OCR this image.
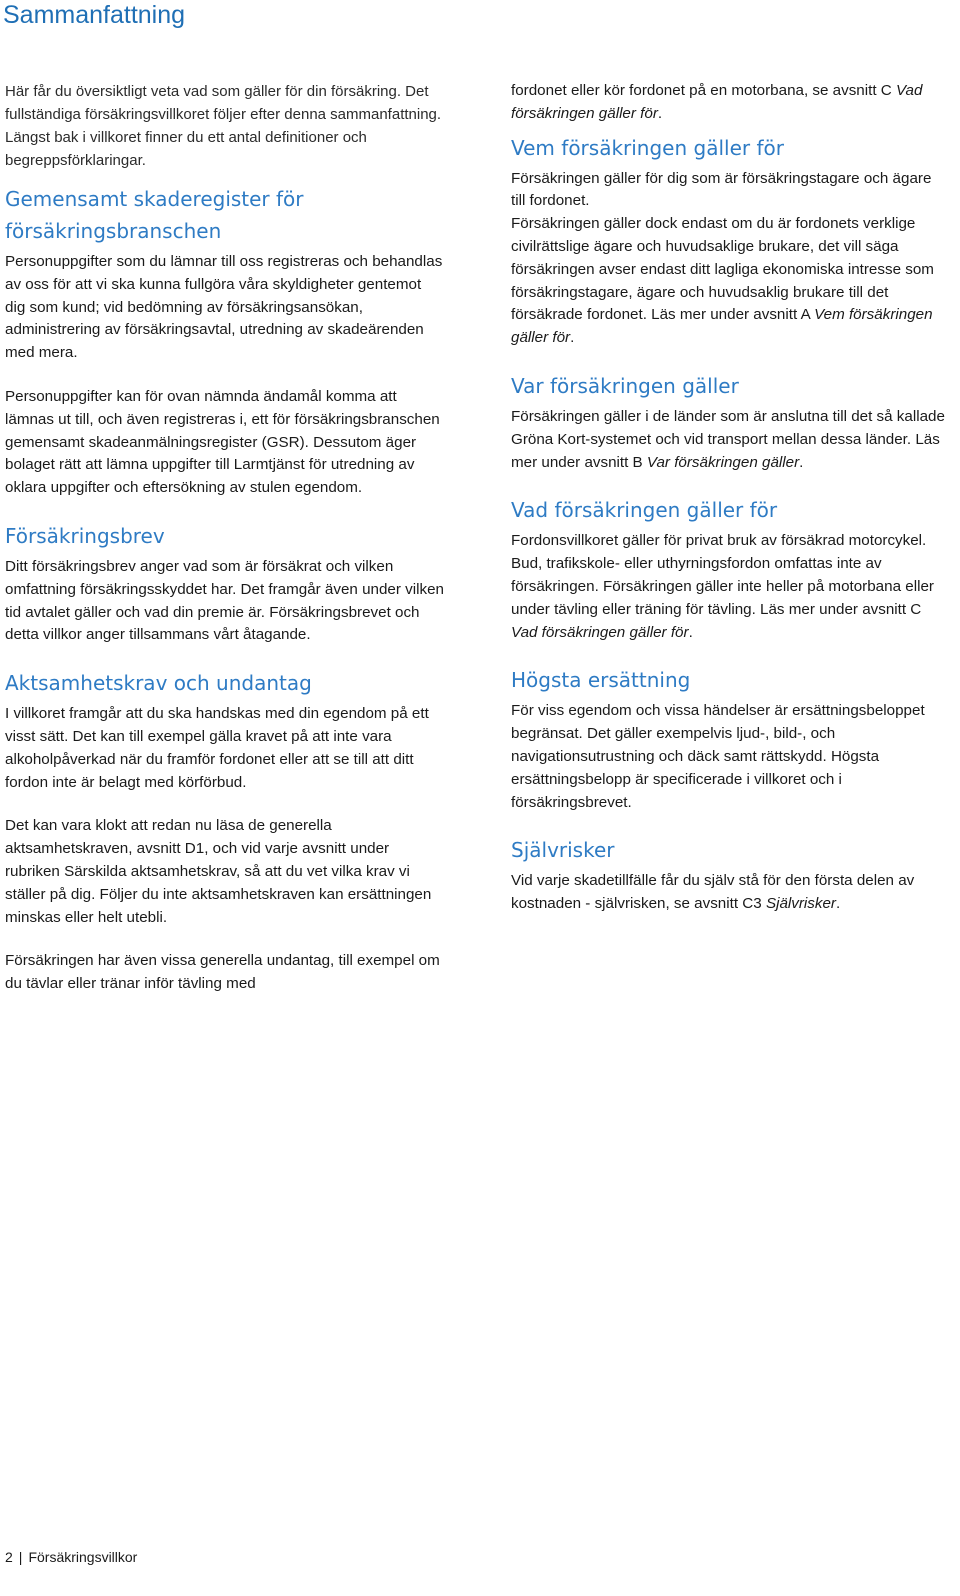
Sammanfattning

Här får du översiktligt veta vad som gäller för din försäkring. Det fullständiga försäkringsvillkoret följer efter denna sammanfattning. Längst bak i villkoret finner du ett antal definitioner och begreppsförklaringar.

Gemensamt skaderegister för försäkringsbranschen

Personuppgifter som du lämnar till oss registreras och behandlas av oss för att vi ska kunna fullgöra våra skyldigheter gentemot dig som kund; vid bedömning av försäkringsansökan, administrering av försäkringsavtal, utredning av skadeärenden med mera.

Personuppgifter kan för ovan nämnda ändamål komma att lämnas ut till, och även registreras i, ett för försäkringsbranschen gemensamt skadeanmälningsregister (GSR). Dessutom äger bolaget rätt att lämna uppgifter till Larmtjänst för utredning av oklara uppgifter och eftersökning av stulen egendom.

Försäkringsbrev

Ditt försäkringsbrev anger vad som är försäkrat och vilken omfattning försäkringsskyddet har. Det framgår även under vilken tid avtalet gäller och vad din premie är. Försäkringsbrevet och detta villkor anger tillsammans vårt åtagande.

Aktsamhetskrav och undantag

I villkoret framgår att du ska handskas med din egendom på ett visst sätt. Det kan till exempel gälla kravet på att inte vara alkoholpåverkad när du framför fordonet eller att se till att ditt fordon inte är belagt med körförbud.

Det kan vara klokt att redan nu läsa de generella aktsamhetskraven, avsnitt D1, och vid varje avsnitt under rubriken Särskilda aktsamhetskrav, så att du vet vilka krav vi ställer på dig. Följer du inte aktsamhetskraven kan ersättningen minskas eller helt utebli.

Försäkringen har även vissa generella undantag, till exempel om du tävlar eller tränar inför tävling med

fordonet eller kör fordonet på en motorbana, se avsnitt C Vad försäkringen gäller för.

Vem försäkringen gäller för

Försäkringen gäller för dig som är försäkringstagare och ägare till fordonet.

Försäkringen gäller dock endast om du är fordonets verklige civilrättslige ägare och huvudsaklige brukare, det vill säga försäkringen avser endast ditt lagliga ekonomiska intresse som försäkringstagare, ägare och huvudsaklig brukare till det försäkrade fordonet. Läs mer under avsnitt A Vem försäkringen gäller för.

Var försäkringen gäller

Försäkringen gäller i de länder som är anslutna till det så kallade Gröna Kort-systemet och vid transport mellan dessa länder. Läs mer under avsnitt B Var försäkringen gäller.

Vad försäkringen gäller för

Fordonsvillkoret gäller för privat bruk av försäkrad motorcykel.

Bud, trafikskole- eller uthyrningsfordon omfattas inte av försäkringen. Försäkringen gäller inte heller på motorbana eller under tävling eller träning för tävling. Läs mer under avsnitt C Vad försäkringen gäller för.

Högsta ersättning

För viss egendom och vissa händelser är ersättningsbeloppet begränsat. Det gäller exempelvis ljud-, bild-, och navigationsutrustning och däck samt rättskydd. Högsta ersättningsbelopp är specificerade i villkoret och i försäkringsbrevet.

Självrisker

Vid varje skadetillfälle får du själv stå för den första delen av kostnaden - självrisken, se avsnitt C3 Självrisker.

2 | Försäkringsvillkor
